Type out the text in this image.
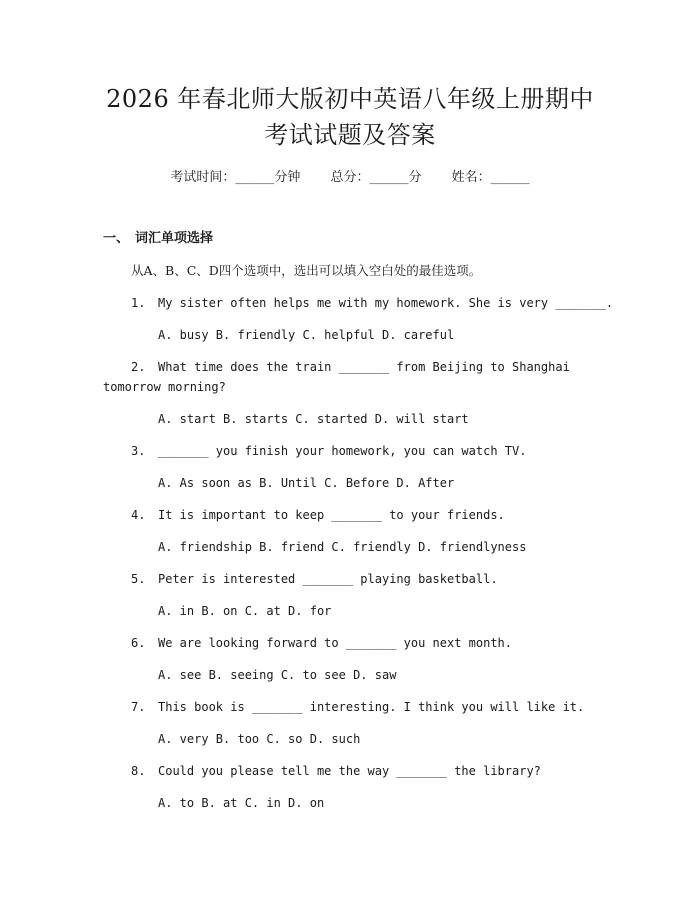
2026 年春北师大版初中英语八年级上册期中
考试试题及答案
考试时间：______分钟 总分：______分 姓名：______
一、 词汇单项选择
从A、B、C、D四个选项中，选出可以填入空白处的最佳选项。
1. My sister often helps me with my homework. She is very _______.
A. busy B. friendly C. helpful D. careful
2. What time does the train _______ from Beijing to Shanghai
tomorrow morning?
A. start B. starts C. started D. will start
3. _______ you finish your homework, you can watch TV.
A. As soon as B. Until C. Before D. After
4. It is important to keep _______ to your friends.
A. friendship B. friend C. friendly D. friendlyness
5. Peter is interested _______ playing basketball.
A. in B. on C. at D. for
6. We are looking forward to _______ you next month.
A. see B. seeing C. to see D. saw
7. This book is _______ interesting. I think you will like it.
A. very B. too C. so D. such
8. Could you please tell me the way _______ the library?
A. to B. at C. in D. on
